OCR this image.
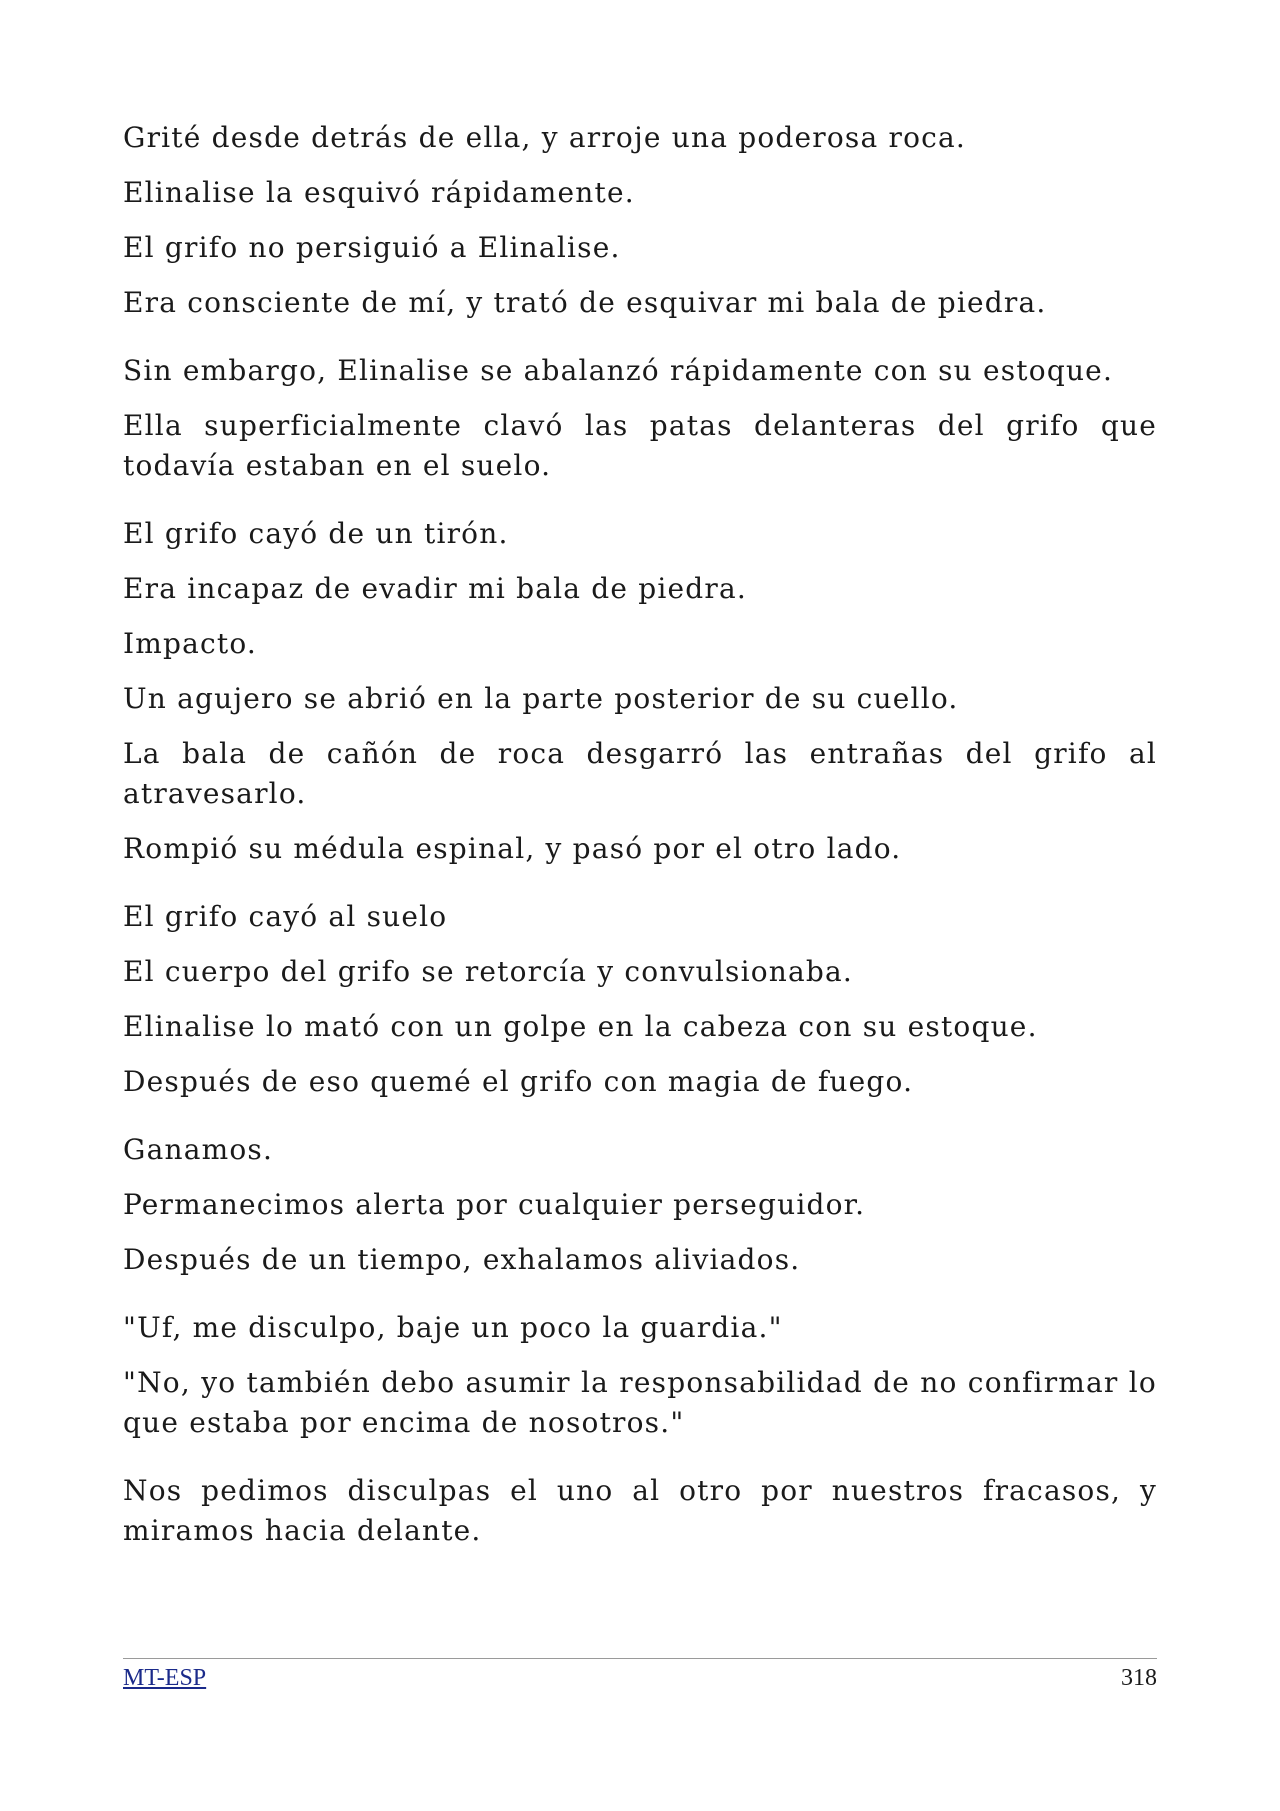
Grité desde detrás de ella, y arroje una poderosa roca.

Elinalise la esquivó rápidamente.

El grifo no persiguió a Elinalise.

Era consciente de mí, y trató de esquivar mi bala de piedra.

Sin embargo, Elinalise se abalanzó rápidamente con su estoque.

Ella superficialmente clavó las patas delanteras del grifo que todavía estaban en el suelo.

El grifo cayó de un tirón.

Era incapaz de evadir mi bala de piedra.

Impacto.

Un agujero se abrió en la parte posterior de su cuello.

La bala de cañón de roca desgarró las entrañas del grifo al atravesarlo.

Rompió su médula espinal, y pasó por el otro lado.

El grifo cayó al suelo

El cuerpo del grifo se retorcía y convulsionaba.

Elinalise lo mató con un golpe en la cabeza con su estoque.

Después de eso quemé el grifo con magia de fuego.

Ganamos.

Permanecimos alerta por cualquier perseguidor.

Después de un tiempo, exhalamos aliviados.

"Uf, me disculpo, baje un poco la guardia."

"No, yo también debo asumir la responsabilidad de no confirmar lo que estaba por encima de nosotros."

Nos pedimos disculpas el uno al otro por nuestros fracasos, y miramos hacia delante.

MT-ESP	318
